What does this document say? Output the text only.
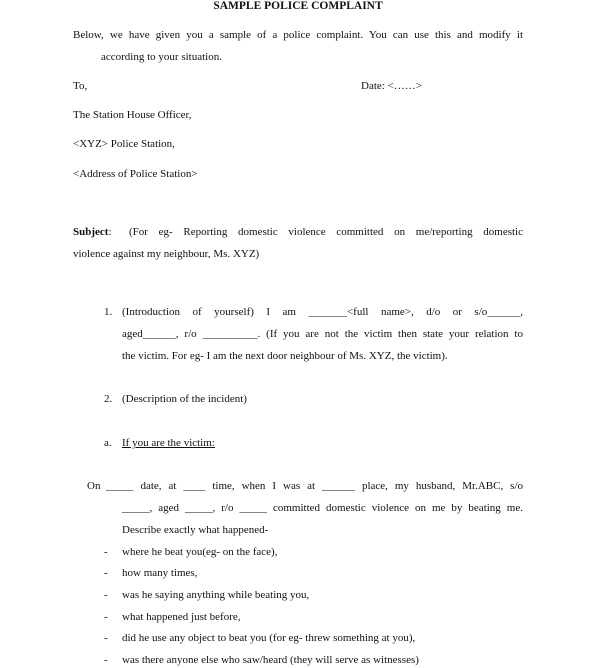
SAMPLE POLICE COMPLAINT
Below, we have given you a sample of a police complaint. You can use this and modify it
according to your situation.
To,	Date: <……>
The Station House Officer,
<XYZ> Police Station,
<Address of Police Station>
Subject: (For eg- Reporting domestic violence committed on me/reporting domestic
violence against my neighbour, Ms. XYZ)
1. (Introduction of yourself) I am _______<full name>, d/o or s/o______,
aged______, r/o __________. (If you are not the victim then state your relation to
the victim. For eg- I am the next door neighbour of Ms. XYZ, the victim).
2. (Description of the incident)
a. If you are the victim:
On _____ date, at ____ time, when I was at ______ place, my husband, Mr.ABC, s/o
_____, aged _____, r/o _____ committed domestic violence on me by beating me.
Describe exactly what happened-
- where he beat you(eg- on the face),
- how many times,
- was he saying anything while beating you,
- what happened just before,
- did he use any object to beat you (for eg- threw something at you),
- was there anyone else who saw/heard (they will serve as witnesses)
